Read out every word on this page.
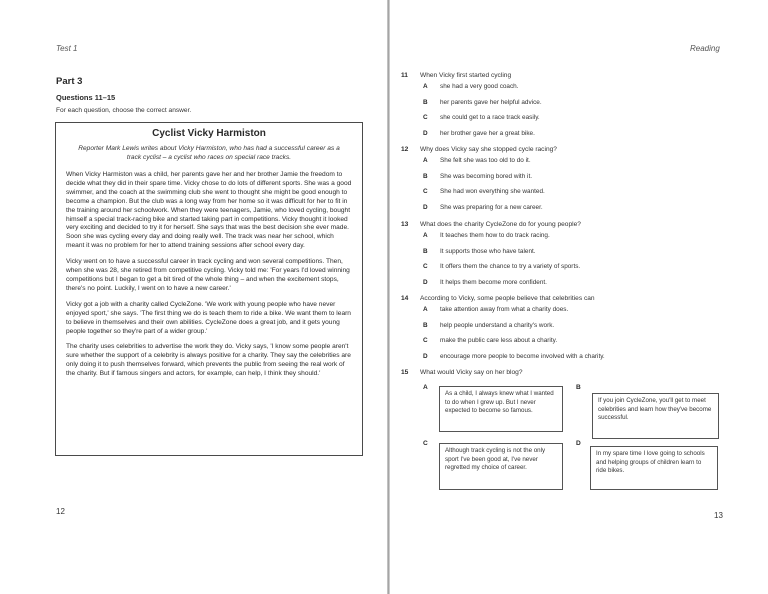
Test 1
Part 3
Questions 11–15
For each question, choose the correct answer.
Cyclist Vicky Harmiston
Reporter Mark Lewis writes about Vicky Harmiston, who has had a successful career as a track cyclist – a cyclist who races on special race tracks.

When Vicky Harmiston was a child, her parents gave her and her brother Jamie the freedom to decide what they did in their spare time. Vicky chose to do lots of different sports. She was a good swimmer, and the coach at the swimming club she went to thought she might be good enough to become a champion. But the club was a long way from her home so it was difficult for her to fit in the training around her schoolwork. When they were teenagers, Jamie, who loved cycling, bought himself a special track-racing bike and started taking part in competitions. Vicky thought it looked very exciting and decided to try it for herself. She says that was the best decision she ever made. Soon she was cycling every day and doing really well. The track was near her school, which meant it was no problem for her to attend training sessions after school every day.

Vicky went on to have a successful career in track cycling and won several competitions. Then, when she was 28, she retired from competitive cycling. Vicky told me: 'For years I'd loved winning competitions but I began to get a bit tired of the whole thing – and when the excitement stops, there's no point. Luckily, I went on to have a new career.'

Vicky got a job with a charity called CycleZone. 'We work with young people who have never enjoyed sport,' she says. 'The first thing we do is teach them to ride a bike. We want them to learn to believe in themselves and their own abilities. CycleZone does a great job, and it gets young people together so they're part of a wider group.'

The charity uses celebrities to advertise the work they do. Vicky says, 'I know some people aren't sure whether the support of a celebrity is always positive for a charity. They say the celebrities are only doing it to push themselves forward, which prevents the public from seeing the real work of the charity. But if famous singers and actors, for example, can help, I think they should.'

12
Reading
13
11 When Vicky first started cycling
A she had a very good coach.
B her parents gave her helpful advice.
C she could get to a race track easily.
D her brother gave her a great bike.
12 Why does Vicky say she stopped cycle racing?
A She felt she was too old to do it.
B She was becoming bored with it.
C She had won everything she wanted.
D She was preparing for a new career.
13 What does the charity CycleZone do for young people?
A It teaches them how to do track racing.
B It supports those who have talent.
C It offers them the chance to try a variety of sports.
D It helps them become more confident.
14 According to Vicky, some people believe that celebrities can
A take attention away from what a charity does.
B help people understand a charity's work.
C make the public care less about a charity.
D encourage more people to become involved with a charity.
15 What would Vicky say on her blog?
A
As a child, I always knew what I wanted to do when I grew up. But I never expected to become so famous.
B
If you join CycleZone, you'll get to meet celebrities and learn how they've become successful.
C
Although track cycling is not the only sport I've been good at, I've never regretted my choice of career.
D
In my spare time I love going to schools and helping groups of children learn to ride bikes.
